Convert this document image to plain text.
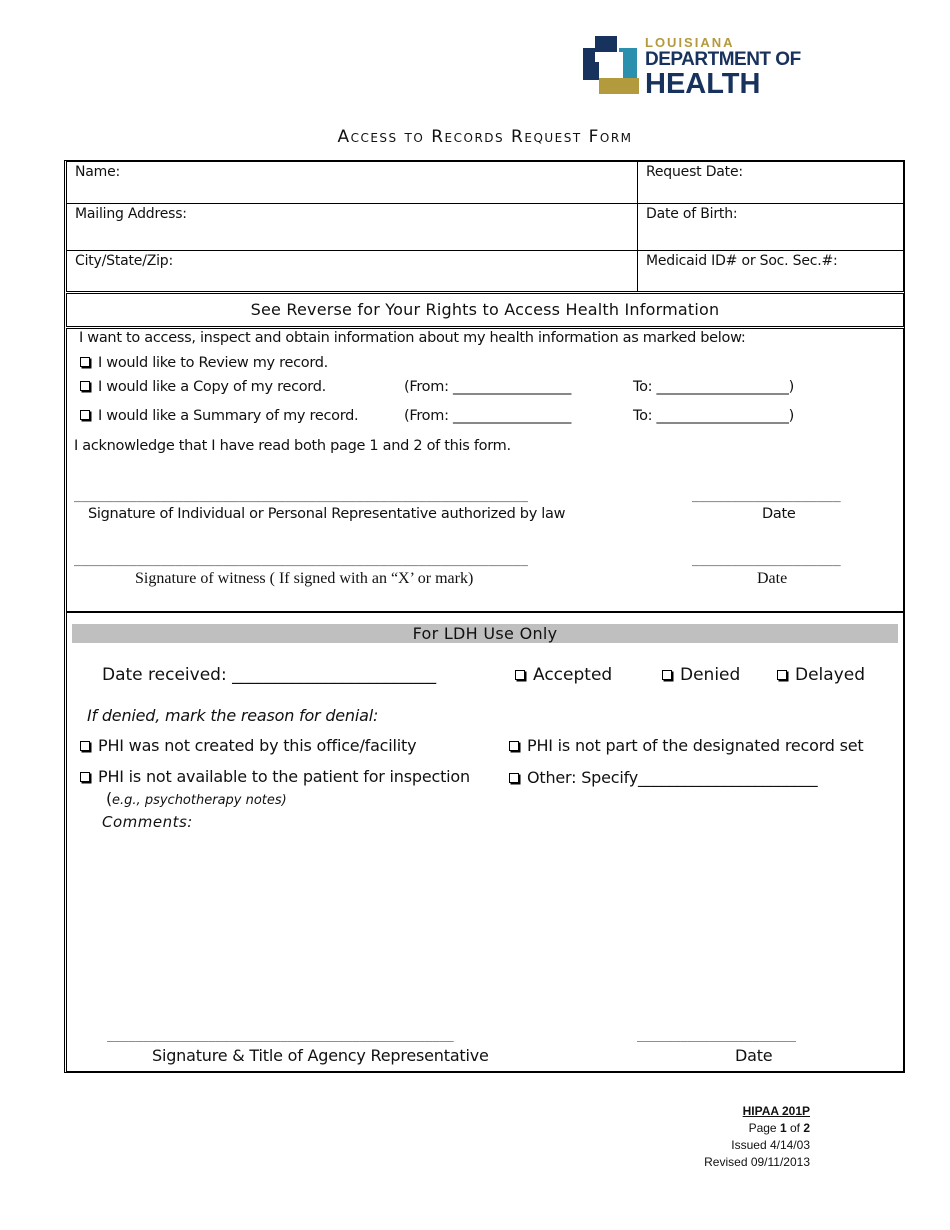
LOUISIANA
DEPARTMENT OF
HEALTH
Access to Records Request Form
Name:	Request Date:
Mailing Address:	Date of Birth:
City/State/Zip:	Medicaid ID# or Soc. Sec.#:
See Reverse for Your Rights to Access Health Information
I want to access, inspect and obtain information about my health information as marked below:
I would like to Review my record.
I would like a Copy of my record.	(From: _________________	To: ___________________)
I would like a Summary of my record.	(From: _________________	To: ___________________)
I acknowledge that I have read both page 1 and 2 of this form.
__________________________________________________________	___________________
Signature of Individual or Personal Representative authorized by law	Date
__________________________________________________________	___________________
Signature of witness ( If signed with an “X’ or mark)	Date
For LDH Use Only
Date received: ________________________	Accepted	Denied	Delayed
If denied, mark the reason for denial:
PHI was not created by this office/facility	PHI is not part of the designated record set
PHI is not available to the patient for inspection	Other: Specify_______________________
(e.g., psychotherapy notes)
Comments:
________________________________________________	______________________
Signature & Title of Agency Representative	Date
HIPAA 201P
Page 1 of 2
Issued 4/14/03
Revised 09/11/2013
